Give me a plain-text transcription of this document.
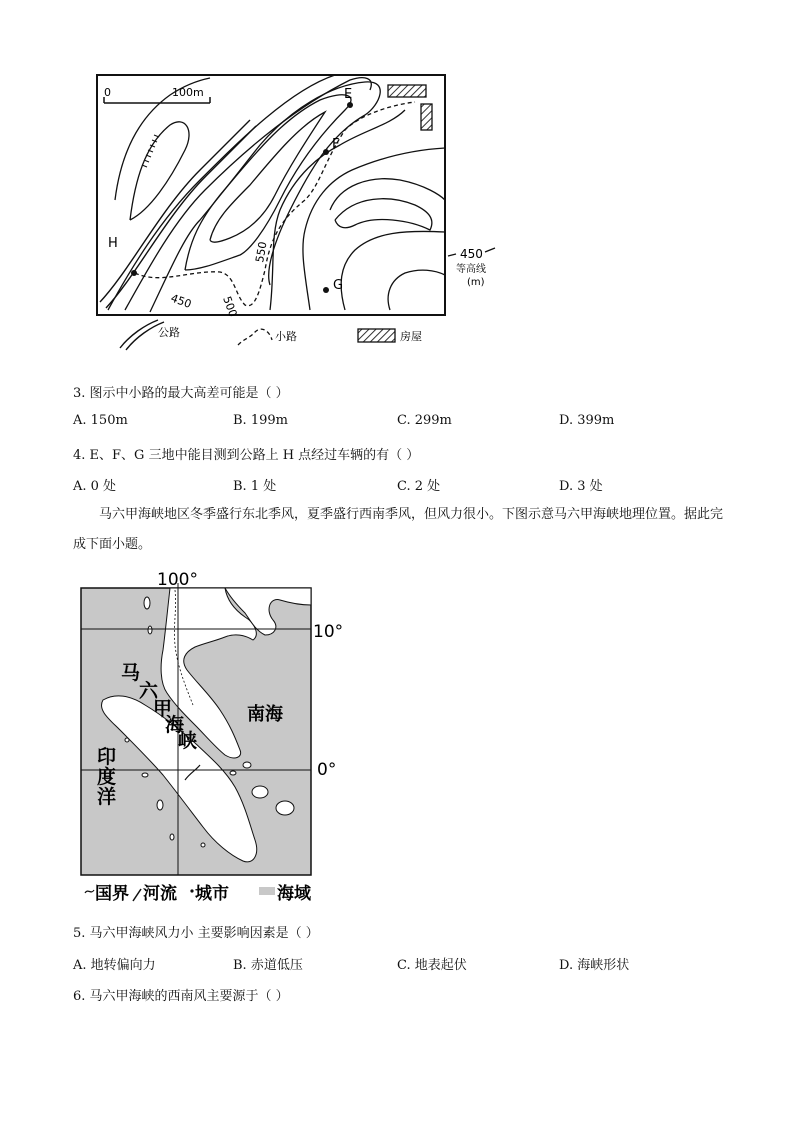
0	100m	E
F
G
H
450 500
550	450
等高线
(m)
公路	小路	房屋
3. 图示中小路的最大高差可能是（ ）
A. 150m	B. 199m	C. 299m	D. 399m
4. E、F、G 三地中能目测到公路上 H 点经过车辆的有（ ）
A. 0 处	B. 1 处	C. 2 处	D. 3 处
马六甲海峡地区冬季盛行东北季风，夏季盛行西南季风，但风力很小。下图示意马六甲海峡地理位置。据此完成下面小题。
100°
10°
0°
马
六
甲
海
峡
南海
印
度
洋
国界 河流 城市	海域
5. 马六甲海峡风力小 主要影响因素是（ ）
A. 地转偏向力	B. 赤道低压	C. 地表起伏	D. 海峡形状
6. 马六甲海峡的西南风主要源于（ ）
